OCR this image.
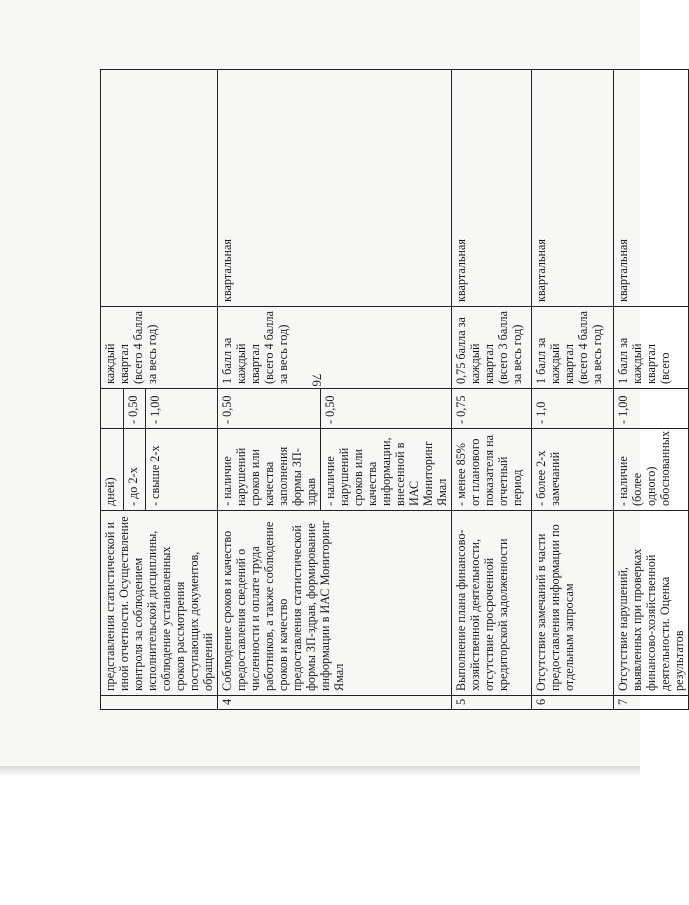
76
	представления статистической и иной отчетности. Осуществление контроля за соблюдением исполнительской дисциплины, соблюдение установленных сроков рассмотрения поступающих документов, обращений	дней)		каждый квартал (всего 4 балла за весь год)	
		- до 2-х	- 0,50		
		- свыше 2-х	- 1,00		
4	Соблюдение сроков и качество предоставления сведений о численности и оплате труда работников, а также соблюдение сроков и качество предоставления статистической формы ЗП-здрав, формирование информации в ИАС Мониторинг Ямал	- наличие нарушений сроков или качества заполнения формы ЗП-здрав	- 0,50	1 балл за каждый квартал (всего 4 балла за весь год)	квартальная
		- наличие нарушений сроков или качества информации, внесенной в ИАС Мониторинг Ямал	- 0,50		
5	Выполнение плана финансово-хозяйственной деятельности, отсутствие просроченной кредиторской задолженности	- менее 85% от планового показателя на отчетный период	- 0,75	0,75 балла за каждый квартал (всего 3 балла за весь год)	квартальная
6	Отсутствие замечаний в части предоставления информации по отдельным запросам	- более 2-х замечаний	- 1,0	1 балл за каждый квартал (всего 4 балла за весь год)	квартальная
7	Отсутствие нарушений, выявленных при проверках финансово-хозяйственной деятельности. Оценка результатов	- наличие (более одного) обоснованных	- 1,00	1 балл за каждый квартал (всего	квартальная
